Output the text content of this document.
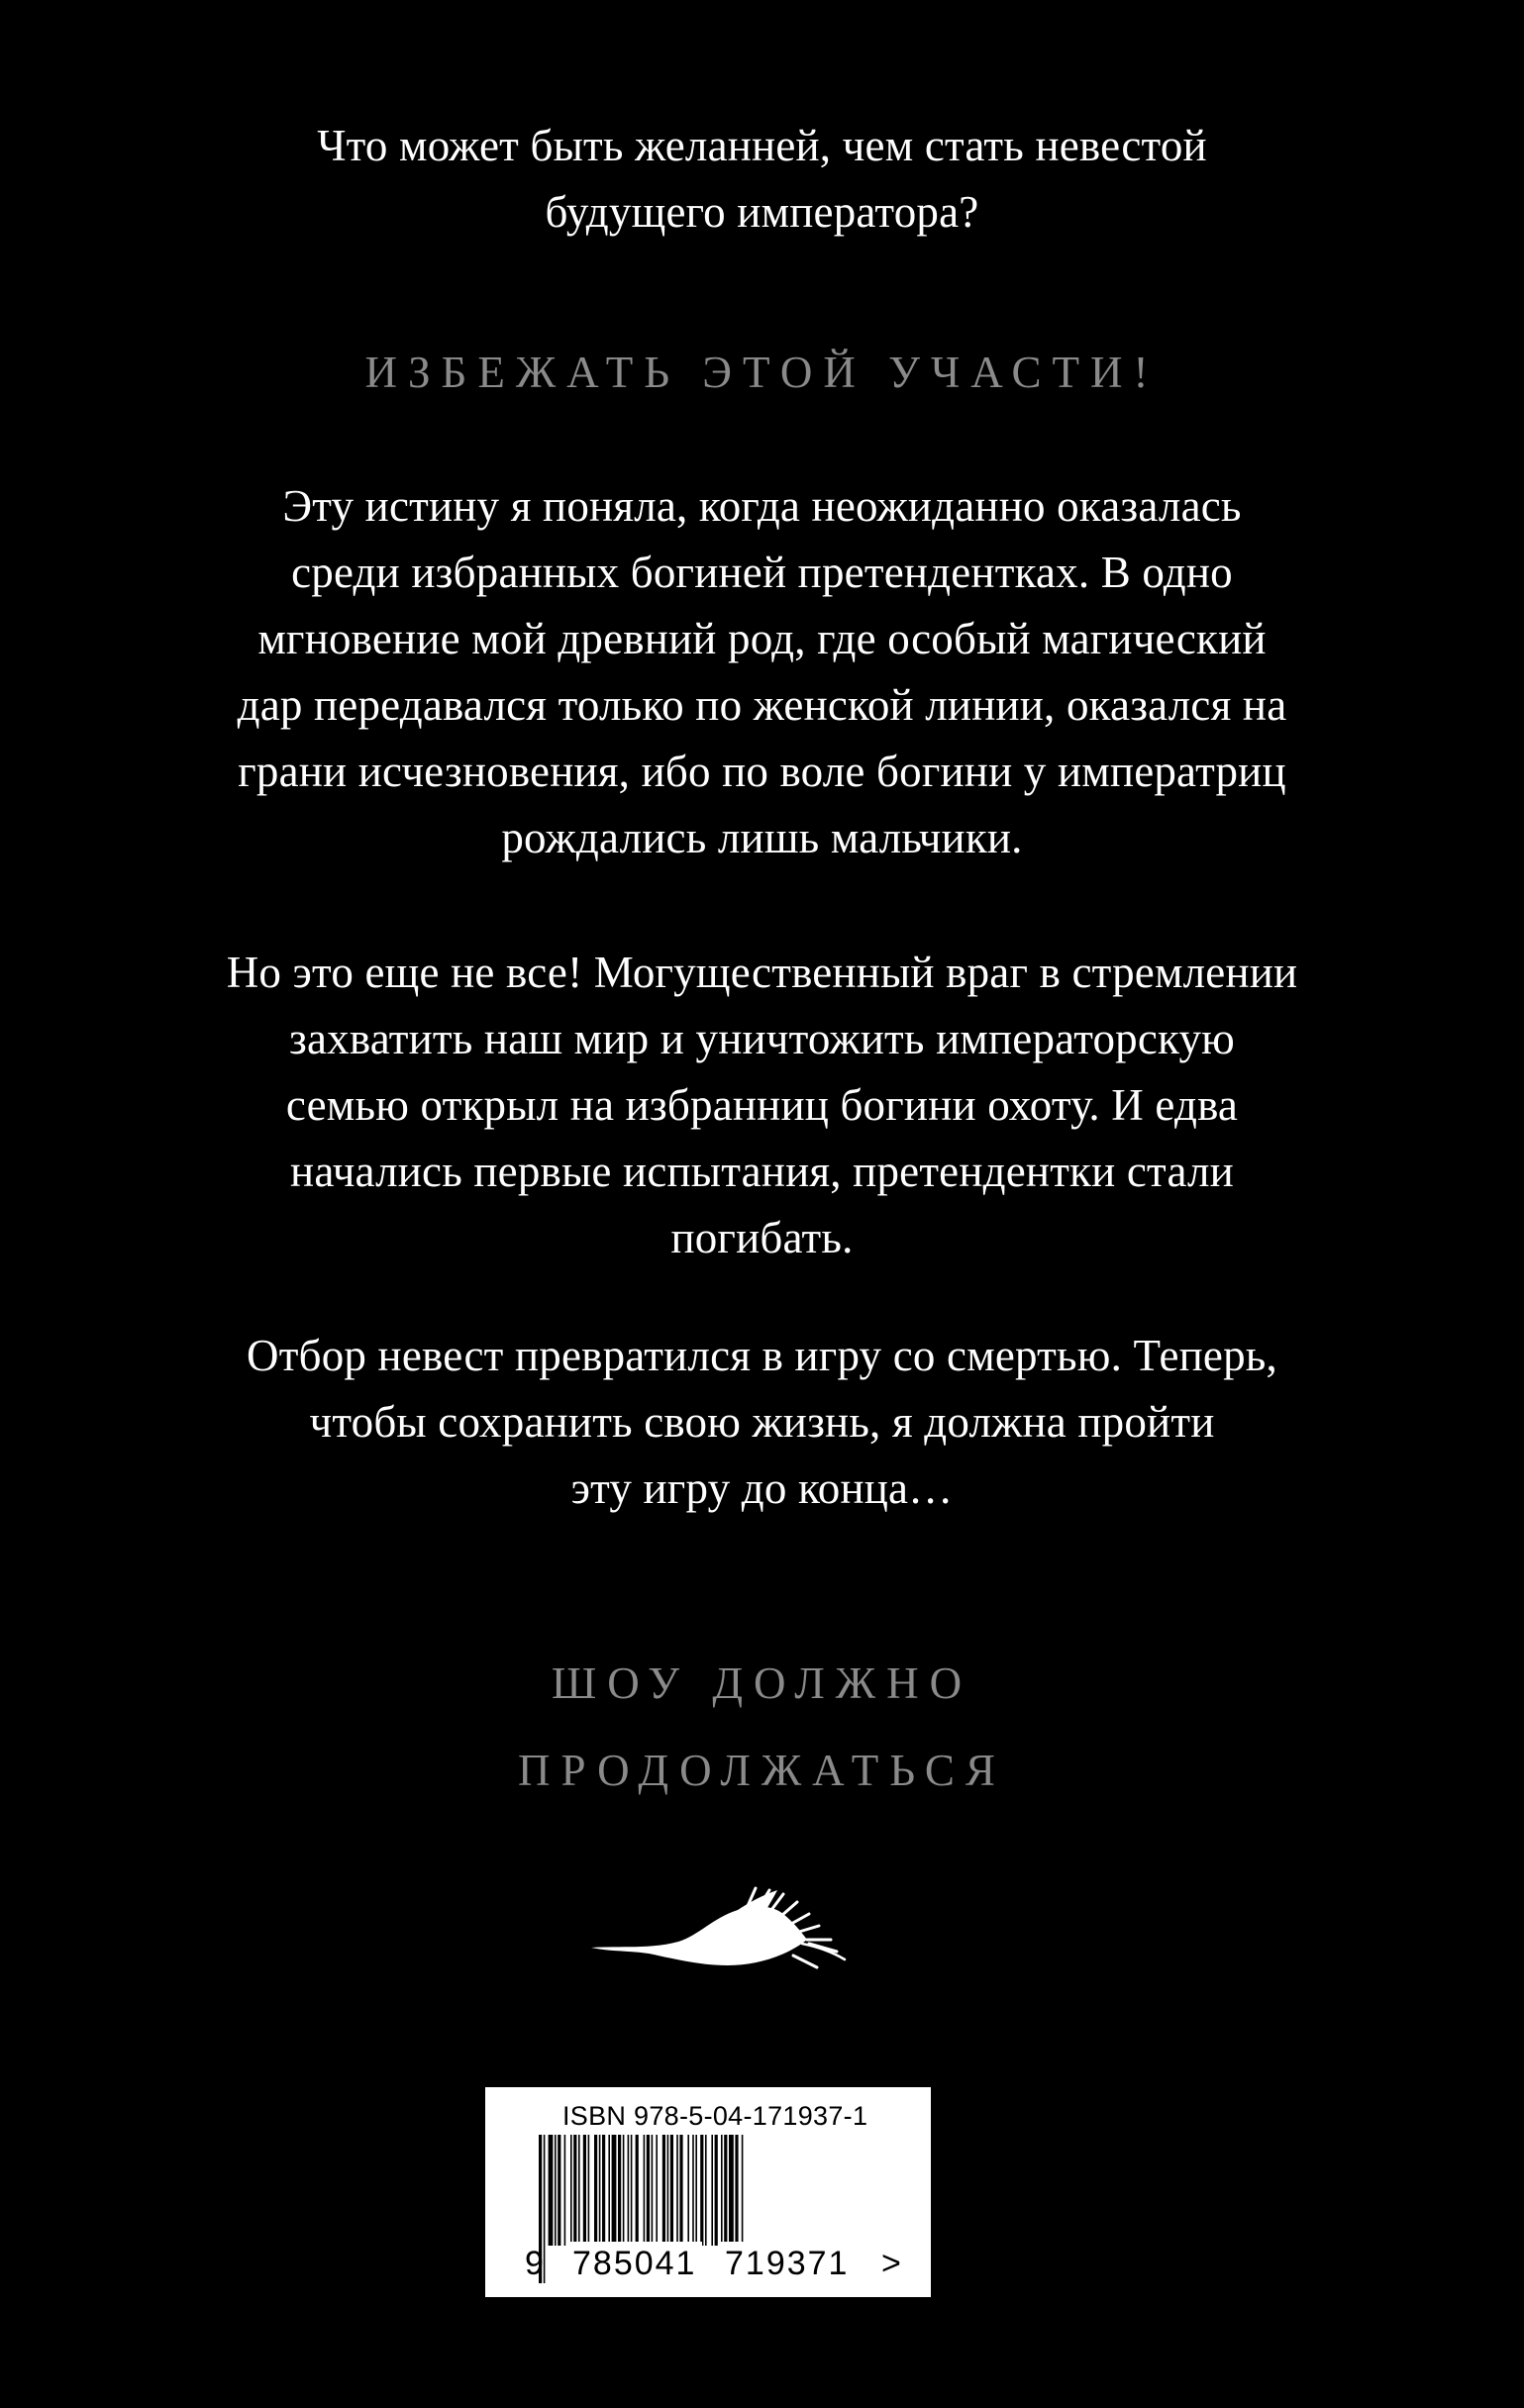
Что может быть желанней, чем стать невестой
будущего императора?
ИЗБЕЖАТЬ ЭТОЙ УЧАСТИ!
Эту истину я поняла, когда неожиданно оказалась
среди избранных богиней претендентках. В одно
мгновение мой древний род, где особый магический
дар передавался только по женской линии, оказался на
грани исчезновения, ибо по воле богини у императриц
рождались лишь мальчики.
Но это еще не все! Могущественный враг в стремлении
захватить наш мир и уничтожить императорскую
семью открыл на избранниц богини охоту. И едва
начались первые испытания, претендентки стали
погибать.
Отбор невест превратился в игру со смертью. Теперь,
чтобы сохранить свою жизнь, я должна пройти
эту игру до конца…
ШОУ ДОЛЖНО
ПРОДОЛЖАТЬСЯ
ISBN 978-5-04-171937-1
9 785041 719371 >
